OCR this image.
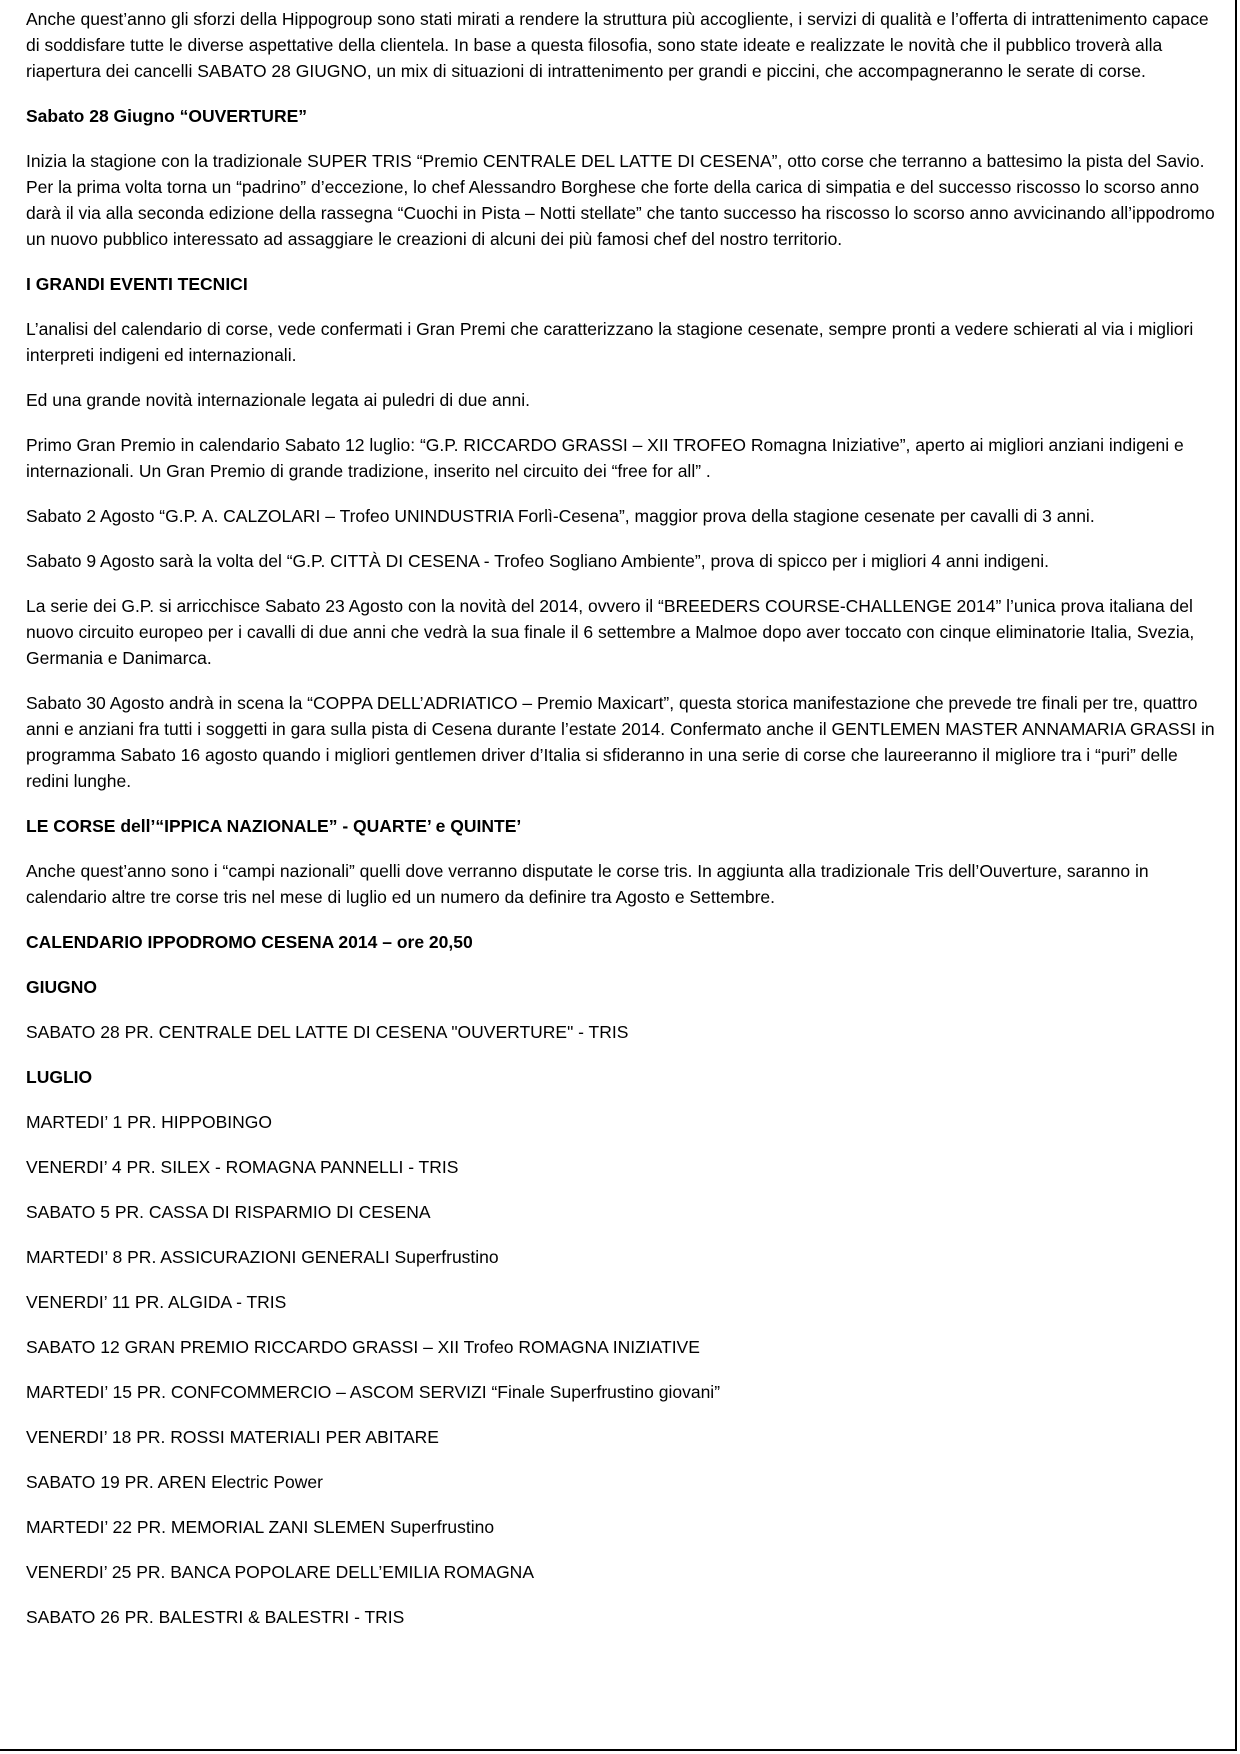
Anche quest’anno gli sforzi della Hippogroup sono stati mirati a rendere la struttura più accogliente, i servizi di qualità e l’offerta di intrattenimento capace di soddisfare tutte le diverse aspettative della clientela. In base a questa filosofia, sono state ideate e realizzate le novità che il pubblico troverà alla riapertura dei cancelli SABATO 28 GIUGNO, un mix di situazioni di intrattenimento per grandi e piccini, che accompagneranno le serate di corse.

Sabato 28 Giugno “OUVERTURE”

Inizia la stagione con la tradizionale SUPER TRIS “Premio CENTRALE DEL LATTE DI CESENA”, otto corse che terranno a battesimo la pista del Savio. Per la prima volta torna un “padrino” d’eccezione, lo chef Alessandro Borghese che forte della carica di simpatia e del successo riscosso lo scorso anno darà il via alla seconda edizione della rassegna “Cuochi in Pista – Notti stellate” che tanto successo ha riscosso lo scorso anno avvicinando all’ippodromo un nuovo pubblico interessato ad assaggiare le creazioni di alcuni dei più famosi chef del nostro territorio.

I GRANDI EVENTI TECNICI

L’analisi del calendario di corse, vede confermati i Gran Premi che caratterizzano la stagione cesenate, sempre pronti a vedere schierati al via i migliori interpreti indigeni ed internazionali.

Ed una grande novità internazionale legata ai puledri di due anni.

Primo Gran Premio in calendario Sabato 12 luglio: “G.P. RICCARDO GRASSI – XII TROFEO Romagna Iniziative”, aperto ai migliori anziani indigeni e internazionali. Un Gran Premio di grande tradizione, inserito nel circuito dei “free for all” .

Sabato 2 Agosto “G.P. A. CALZOLARI – Trofeo UNINDUSTRIA Forlì-Cesena”, maggior prova della stagione cesenate per cavalli di 3 anni.

Sabato 9 Agosto sarà la volta del “G.P. CITTÀ DI CESENA - Trofeo Sogliano Ambiente”, prova di spicco per i migliori 4 anni indigeni.

La serie dei G.P. si arricchisce Sabato 23 Agosto con la novità del 2014, ovvero il “BREEDERS COURSE-CHALLENGE 2014” l’unica prova italiana del nuovo circuito europeo per i cavalli di due anni che vedrà la sua finale il 6 settembre a Malmoe dopo aver toccato con cinque eliminatorie Italia, Svezia, Germania e Danimarca.

Sabato 30 Agosto andrà in scena la “COPPA DELL’ADRIATICO – Premio Maxicart”, questa storica manifestazione che prevede tre finali per tre, quattro anni e anziani fra tutti i soggetti in gara sulla pista di Cesena durante l’estate 2014. Confermato anche il GENTLEMEN MASTER ANNAMARIA GRASSI in programma Sabato 16 agosto quando i migliori gentlemen driver d’Italia si sfideranno in una serie di corse che laureeranno il migliore tra i “puri” delle redini lunghe.

LE CORSE dell’“IPPICA NAZIONALE” - QUARTE’ e QUINTE’

Anche quest’anno sono i “campi nazionali” quelli dove verranno disputate le corse tris. In aggiunta alla tradizionale Tris dell’Ouverture, saranno in calendario altre tre corse tris nel mese di luglio ed un numero da definire tra Agosto e Settembre.

CALENDARIO IPPODROMO CESENA 2014 – ore 20,50

GIUGNO

SABATO 28 PR. CENTRALE DEL LATTE DI CESENA "OUVERTURE" - TRIS

LUGLIO

MARTEDI’ 1 PR. HIPPOBINGO

VENERDI’ 4 PR. SILEX - ROMAGNA PANNELLI - TRIS

SABATO 5 PR. CASSA DI RISPARMIO DI CESENA

MARTEDI’ 8 PR. ASSICURAZIONI GENERALI Superfrustino

VENERDI’ 11 PR. ALGIDA - TRIS

SABATO 12 GRAN PREMIO RICCARDO GRASSI – XII Trofeo ROMAGNA INIZIATIVE

MARTEDI’ 15 PR. CONFCOMMERCIO – ASCOM SERVIZI “Finale Superfrustino giovani”

VENERDI’ 18 PR. ROSSI MATERIALI PER ABITARE

SABATO 19 PR. AREN Electric Power

MARTEDI’ 22 PR. MEMORIAL ZANI SLEMEN Superfrustino

VENERDI’ 25 PR. BANCA POPOLARE DELL’EMILIA ROMAGNA

SABATO 26 PR. BALESTRI & BALESTRI - TRIS
